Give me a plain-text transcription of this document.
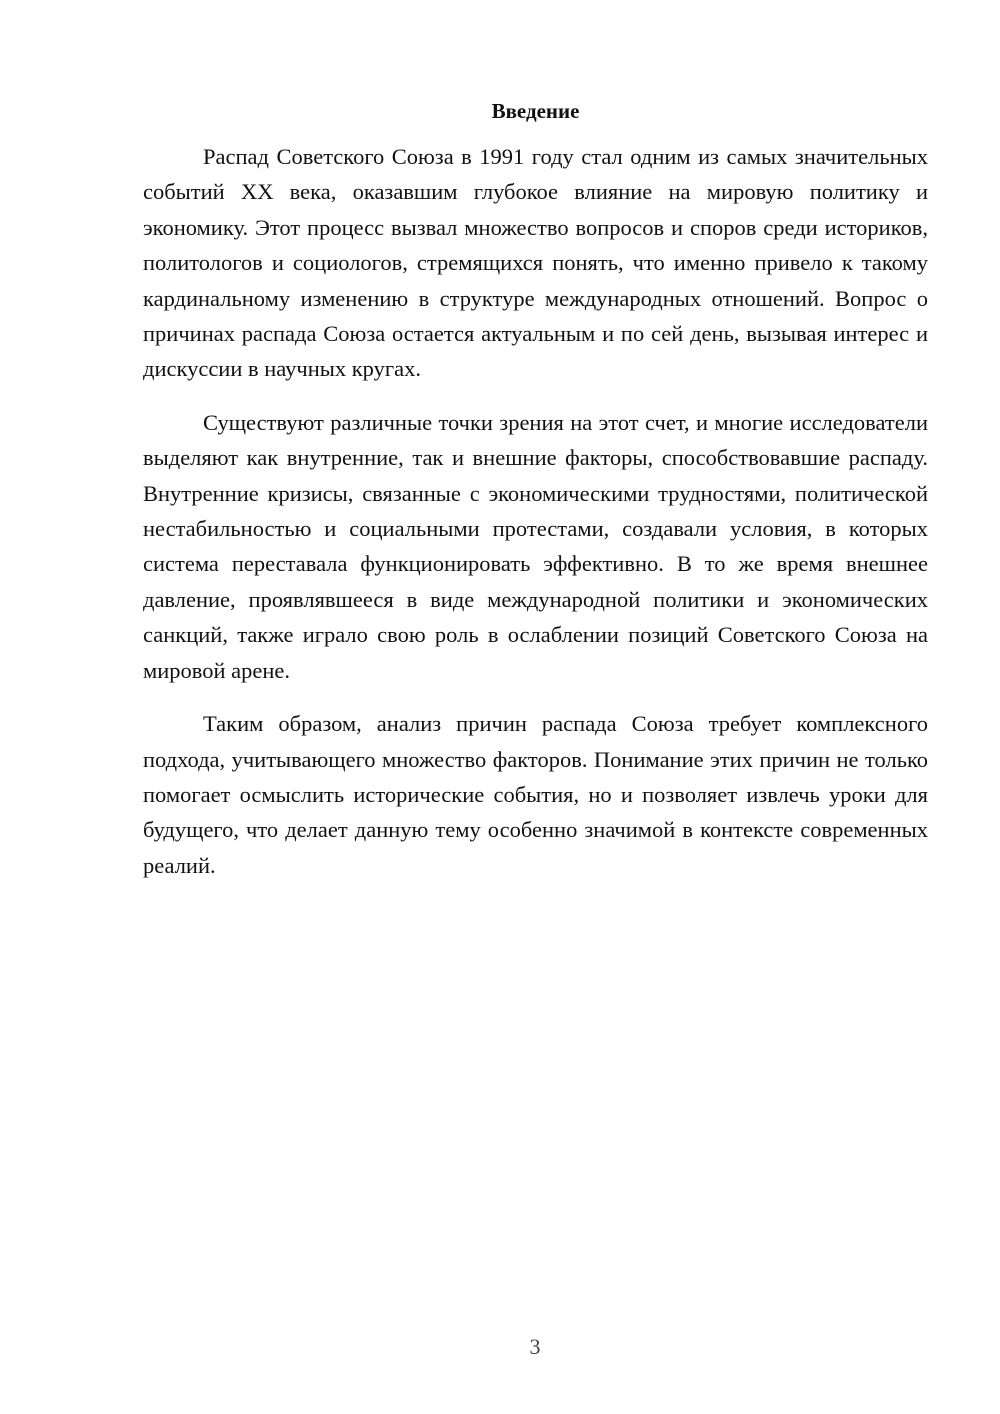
Введение

Распад Советского Союза в 1991 году стал одним из самых значительных событий XX века, оказавшим глубокое влияние на мировую политику и экономику. Этот процесс вызвал множество вопросов и споров среди историков, политологов и социологов, стремящихся понять, что именно привело к такому кардинальному изменению в структуре международных отношений. Вопрос о причинах распада Союза остается актуальным и по сей день, вызывая интерес и дискуссии в научных кругах.

Существуют различные точки зрения на этот счет, и многие исследователи выделяют как внутренние, так и внешние факторы, способствовавшие распаду. Внутренние кризисы, связанные с экономическими трудностями, политической нестабильностью и социальными протестами, создавали условия, в которых система переставала функционировать эффективно. В то же время внешнее давление, проявлявшееся в виде международной политики и экономических санкций, также играло свою роль в ослаблении позиций Советского Союза на мировой арене.

Таким образом, анализ причин распада Союза требует комплексного подхода, учитывающего множество факторов. Понимание этих причин не только помогает осмыслить исторические события, но и позволяет извлечь уроки для будущего, что делает данную тему особенно значимой в контексте современных реалий.

3
